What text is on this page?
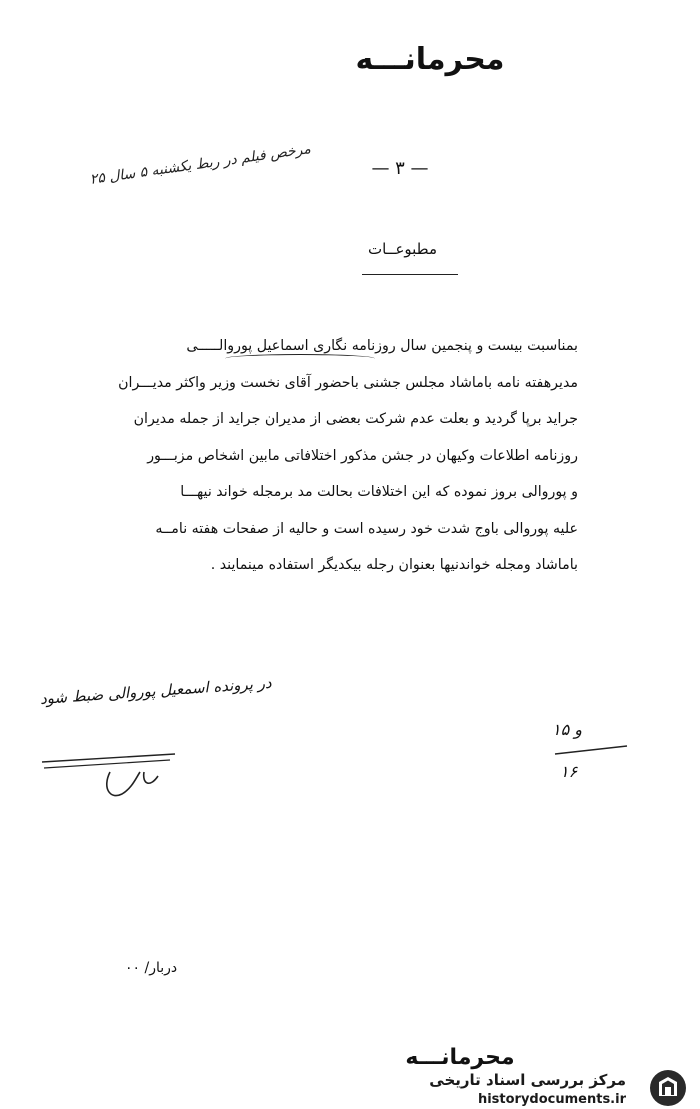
محرمانـــه
— ۳ —
مرخص فیلم در ربط یکشنبه ۵ سال ۲۵
مطبوعــات

بمناسبت بیست و پنجمین سال روزنامه نگاری اسماعیل پوروالـــــی

مدیرهفته نامه باماشاد مجلس جشنی باحضور آقای نخست وزیر واکثر مدیـــران

جراید برپا گردید و بعلت عدم شرکت بعضی از مدیران جراید از جمله مدیران

روزنامه اطلاعات وکیهان در جشن مذکور اختلافاتی مابین اشخاص مزبـــور

و پوروالی بروز نموده که این اختلافات بحالت مد برمجله خواند نیهـــا

علیه پوروالی باوج شدت خود رسیده است و حالیه از صفحات هفته نامــه

باماشاد ومجله خواندنیها بعنوان رجله بیکدیگر استفاده مینمایند .

در پرونده اسمعیل پوروالی ضبط شود
۱۵ و
۱۶
دربار/ ۰۰
محرمانـــه
مرکز بررسی اسناد تاریخی
historydocuments.ir
